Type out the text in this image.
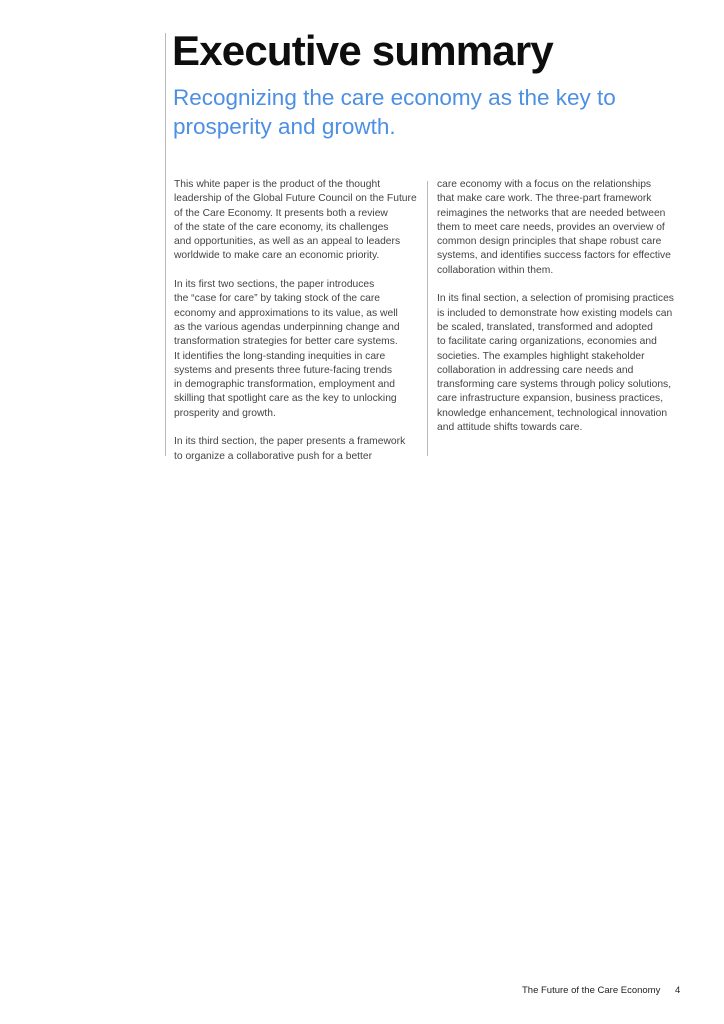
Executive summary
Recognizing the care economy as the key to prosperity and growth.

This white paper is the product of the thought
leadership of the Global Future Council on the Future
of the Care Economy. It presents both a review
of the state of the care economy, its challenges
and opportunities, as well as an appeal to leaders
worldwide to make care an economic priority.

In its first two sections, the paper introduces
the “case for care” by taking stock of the care
economy and approximations to its value, as well
as the various agendas underpinning change and
transformation strategies for better care systems.
It identifies the long-standing inequities in care
systems and presents three future-facing trends
in demographic transformation, employment and
skilling that spotlight care as the key to unlocking
prosperity and growth.

In its third section, the paper presents a framework
to organize a collaborative push for a better

care economy with a focus on the relationships
that make care work. The three-part framework
reimagines the networks that are needed between
them to meet care needs, provides an overview of
common design principles that shape robust care
systems, and identifies success factors for effective
collaboration within them.

In its final section, a selection of promising practices
is included to demonstrate how existing models can
be scaled, translated, transformed and adopted
to facilitate caring organizations, economies and
societies. The examples highlight stakeholder
collaboration in addressing care needs and
transforming care systems through policy solutions,
care infrastructure expansion, business practices,
knowledge enhancement, technological innovation
and attitude shifts towards care.

The Future of the Care Economy 4
